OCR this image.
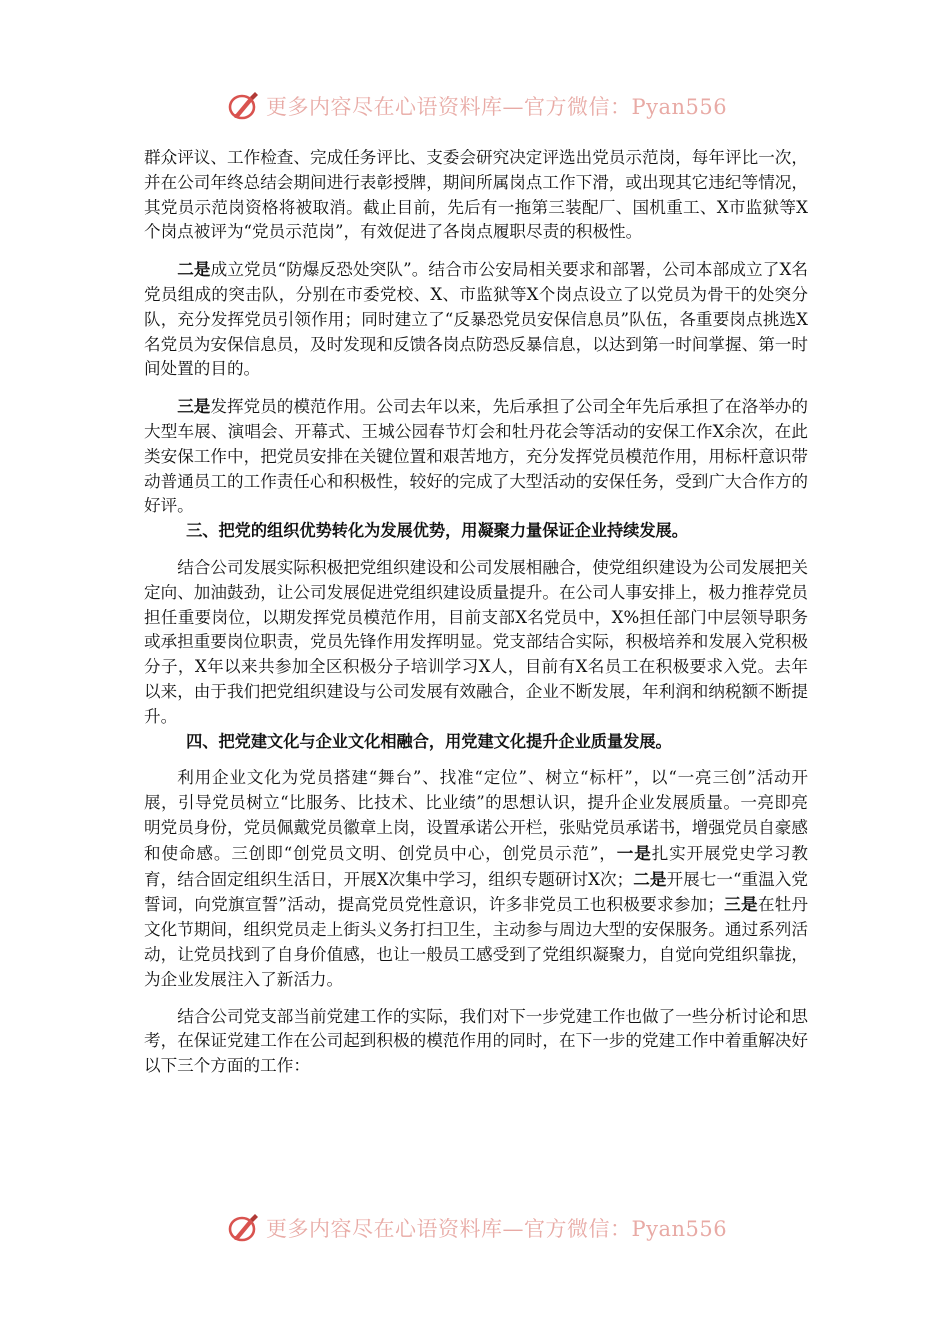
更多内容尽在心语资料库—官方微信：Pyan556

群众评议、工作检查、完成任务评比、支委会研究决定评选出党员示范岗，每年评比一次，并在公司年终总结会期间进行表彰授牌，期间所属岗点工作下滑，或出现其它违纪等情况，其党员示范岗资格将被取消。截止目前，先后有一拖第三装配厂、国机重工、X市监狱等X个岗点被评为“党员示范岗”，有效促进了各岗点履职尽责的积极性。

二是成立党员“防爆反恐处突队”。结合市公安局相关要求和部署，公司本部成立了X名党员组成的突击队，分别在市委党校、X、市监狱等X个岗点设立了以党员为骨干的处突分队，充分发挥党员引领作用；同时建立了“反暴恐党员安保信息员”队伍，各重要岗点挑选X名党员为安保信息员，及时发现和反馈各岗点防恐反暴信息，以达到第一时间掌握、第一时间处置的目的。

三是发挥党员的模范作用。公司去年以来，先后承担了公司全年先后承担了在洛举办的大型车展、演唱会、开幕式、王城公园春节灯会和牡丹花会等活动的安保工作X余次，在此类安保工作中，把党员安排在关键位置和艰苦地方，充分发挥党员模范作用，用标杆意识带动普通员工的工作责任心和积极性，较好的完成了大型活动的安保任务，受到广大合作方的好评。

三、把党的组织优势转化为发展优势，用凝聚力量保证企业持续发展。

结合公司发展实际积极把党组织建设和公司发展相融合，使党组织建设为公司发展把关定向、加油鼓劲，让公司发展促进党组织建设质量提升。在公司人事安排上，极力推荐党员担任重要岗位，以期发挥党员模范作用，目前支部X名党员中，X%担任部门中层领导职务或承担重要岗位职责，党员先锋作用发挥明显。党支部结合实际，积极培养和发展入党积极分子，X年以来共参加全区积极分子培训学习X人，目前有X名员工在积极要求入党。去年以来，由于我们把党组织建设与公司发展有效融合，企业不断发展，年利润和纳税额不断提升。

四、把党建文化与企业文化相融合，用党建文化提升企业质量发展。

利用企业文化为党员搭建“舞台”、找准“定位”、树立“标杆”，以“一亮三创”活动开展，引导党员树立“比服务、比技术、比业绩”的思想认识，提升企业发展质量。一亮即亮明党员身份，党员佩戴党员徽章上岗，设置承诺公开栏，张贴党员承诺书，增强党员自豪感和使命感。三创即“创党员文明、创党员中心，创党员示范”，一是扎实开展党史学习教育，结合固定组织生活日，开展X次集中学习，组织专题研讨X次；二是开展七一“重温入党誓词，向党旗宣誓”活动，提高党员党性意识，许多非党员工也积极要求参加；三是在牡丹文化节期间，组织党员走上街头义务打扫卫生，主动参与周边大型的安保服务。通过系列活动，让党员找到了自身价值感，也让一般员工感受到了党组织凝聚力，自觉向党组织靠拢，为企业发展注入了新活力。

结合公司党支部当前党建工作的实际，我们对下一步党建工作也做了一些分析讨论和思考，在保证党建工作在公司起到积极的模范作用的同时，在下一步的党建工作中着重解决好以下三个方面的工作：

更多内容尽在心语资料库—官方微信：Pyan556
